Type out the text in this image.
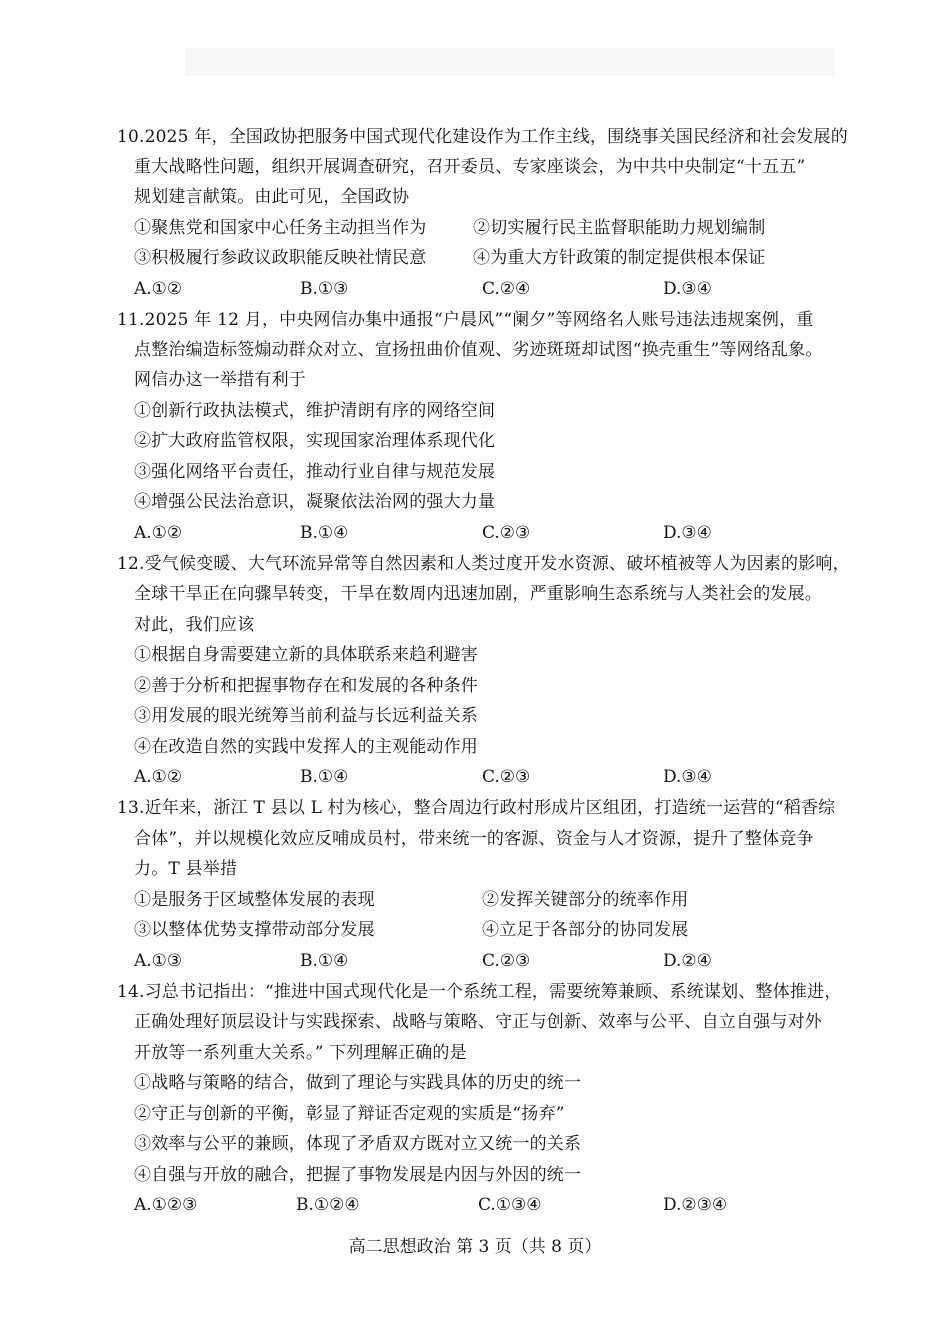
10.2025 年，全国政协把服务中国式现代化建设作为工作主线，围绕事关国民经济和社会发展的
重大战略性问题，组织开展调查研究，召开委员、专家座谈会，为中共中央制定“十五五”
规划建言献策。由此可见，全国政协
①聚焦党和国家中心任务主动担当作为	②切实履行民主监督职能助力规划编制
③积极履行参政议政职能反映社情民意	④为重大方针政策的制定提供根本保证
A.①②	B.①③	C.②④	D.③④
11.2025 年 12 月，中央网信办集中通报“户晨风”“阑夕”等网络名人账号违法违规案例，重
点整治编造标签煽动群众对立、宣扬扭曲价值观、劣迹斑斑却试图“换壳重生”等网络乱象。
网信办这一举措有利于
①创新行政执法模式，维护清朗有序的网络空间
②扩大政府监管权限，实现国家治理体系现代化
③强化网络平台责任，推动行业自律与规范发展
④增强公民法治意识，凝聚依法治网的强大力量
A.①②	B.①④	C.②③	D.③④
12.受气候变暖、大气环流异常等自然因素和人类过度开发水资源、破坏植被等人为因素的影响，
全球干旱正在向骤旱转变，干旱在数周内迅速加剧，严重影响生态系统与人类社会的发展。
对此，我们应该
①根据自身需要建立新的具体联系来趋利避害
②善于分析和把握事物存在和发展的各种条件
③用发展的眼光统筹当前利益与长远利益关系
④在改造自然的实践中发挥人的主观能动作用
A.①②	B.①④	C.②③	D.③④
13.近年来，浙江 T 县以 L 村为核心，整合周边行政村形成片区组团，打造统一运营的“稻香综
合体”，并以规模化效应反哺成员村，带来统一的客源、资金与人才资源，提升了整体竞争
力。T 县举措
①是服务于区域整体发展的表现	②发挥关键部分的统率作用
③以整体优势支撑带动部分发展	④立足于各部分的协同发展
A.①③	B.①④	C.②③	D.②④
14.习总书记指出：“推进中国式现代化是一个系统工程，需要统筹兼顾、系统谋划、整体推进，
正确处理好顶层设计与实践探索、战略与策略、守正与创新、效率与公平、自立自强与对外
开放等一系列重大关系。” 下列理解正确的是
①战略与策略的结合，做到了理论与实践具体的历史的统一
②守正与创新的平衡，彰显了辩证否定观的实质是“扬弃”
③效率与公平的兼顾，体现了矛盾双方既对立又统一的关系
④自强与开放的融合，把握了事物发展是内因与外因的统一
A.①②③	B.①②④	C.①③④	D.②③④
高二思想政治 第 3 页（共 8 页）
